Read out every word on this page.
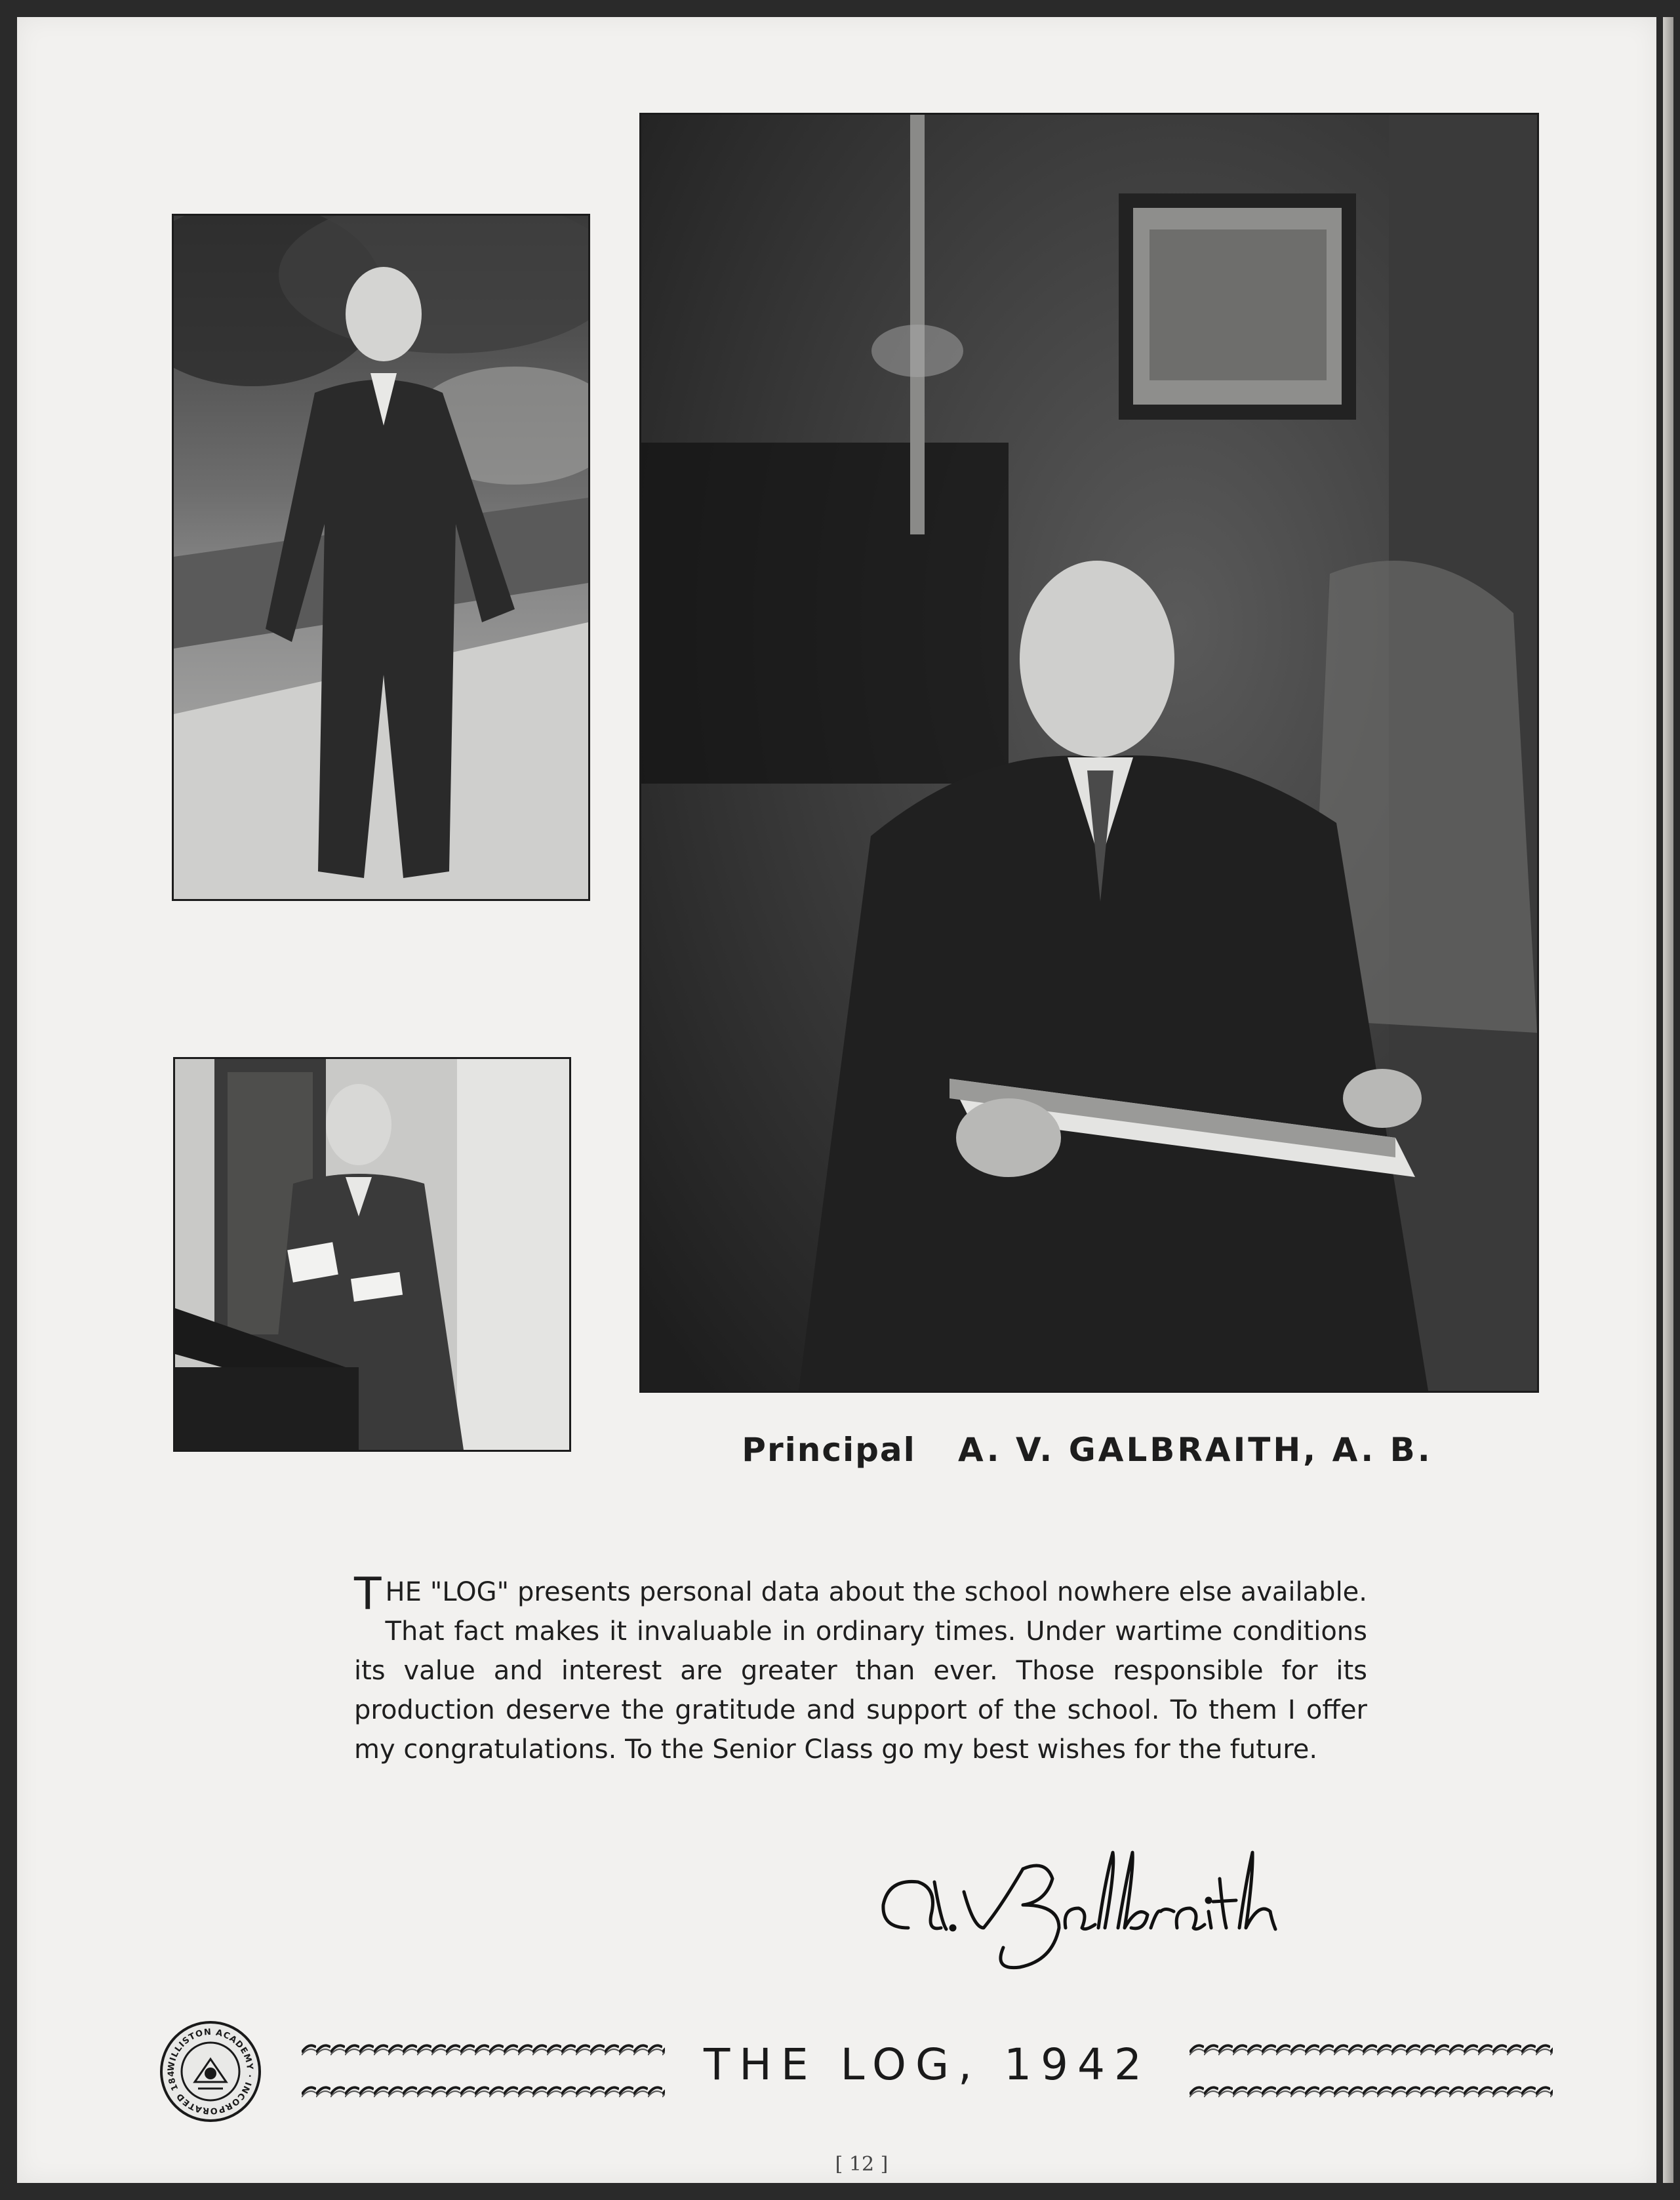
Principal A. V. GALBRAITH, A. B.
THE "LOG" presents personal data about the school nowhere else available. That fact makes it invaluable in ordinary times. Under wartime conditions its value and interest are greater than ever. Those responsible for its production deserve the gratitude and support of the school. To them I offer my congratulations. To the Senior Class go my best wishes for the future.
WILLISTON ACADEMY · INCORPORATED 184	THE LOG, 1942
[ 12 ]
